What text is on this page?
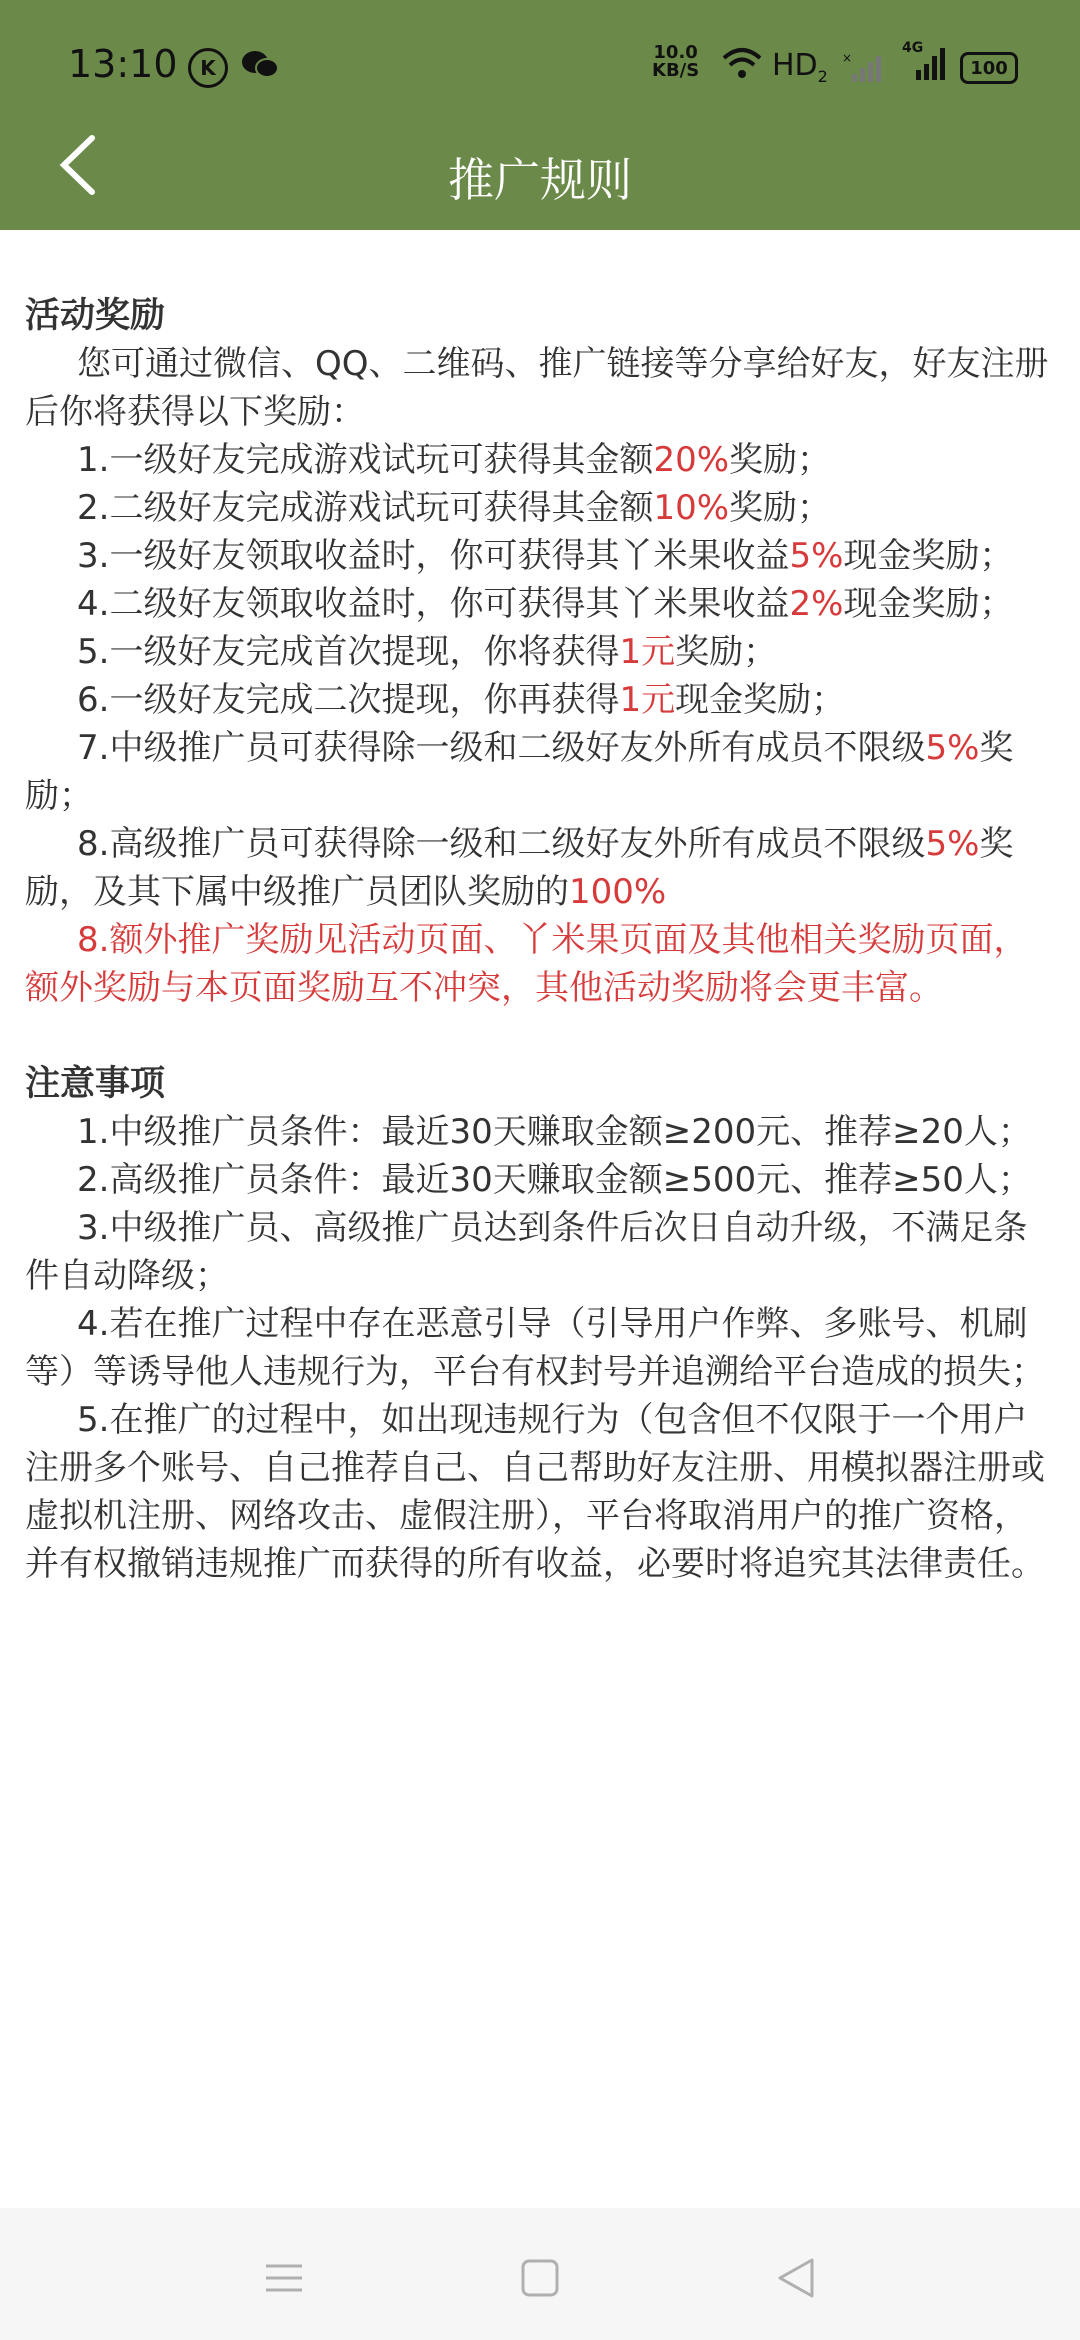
13:10	K
10.0
KB/S $HD_2$
×
4G
100
推广规则

活动奖励

您可通过微信、QQ、二维码、推广链接等分享给好友，好友注册后你将获得以下奖励：

1.一级好友完成游戏试玩可获得其金额20%奖励；

2.二级好友完成游戏试玩可获得其金额10%奖励；

3.一级好友领取收益时，你可获得其丫米果收益5%现金奖励；

4.二级好友领取收益时，你可获得其丫米果收益2%现金奖励；

5.一级好友完成首次提现，你将获得1元奖励；

6.一级好友完成二次提现，你再获得1元现金奖励；

7.中级推广员可获得除一级和二级好友外所有成员不限级5%奖励；

8.高级推广员可获得除一级和二级好友外所有成员不限级5%奖励，及其下属中级推广员团队奖励的100%

8.额外推广奖励见活动页面、丫米果页面及其他相关奖励页面，额外奖励与本页面奖励互不冲突，其他活动奖励将会更丰富。

注意事项

1.中级推广员条件：最近30天赚取金额≥200元、推荐≥20人；

2.高级推广员条件：最近30天赚取金额≥500元、推荐≥50人；

3.中级推广员、高级推广员达到条件后次日自动升级，不满足条件自动降级；

4.若在推广过程中存在恶意引导（引导用户作弊、多账号、机刷等）等诱导他人违规行为，平台有权封号并追溯给平台造成的损失；

5.在推广的过程中，如出现违规行为（包含但不仅限于一个用户注册多个账号、自己推荐自己、自己帮助好友注册、用模拟器注册或虚拟机注册、网络攻击、虚假注册），平台将取消用户的推广资格，并有权撤销违规推广而获得的所有收益，必要时将追究其法律责任。
